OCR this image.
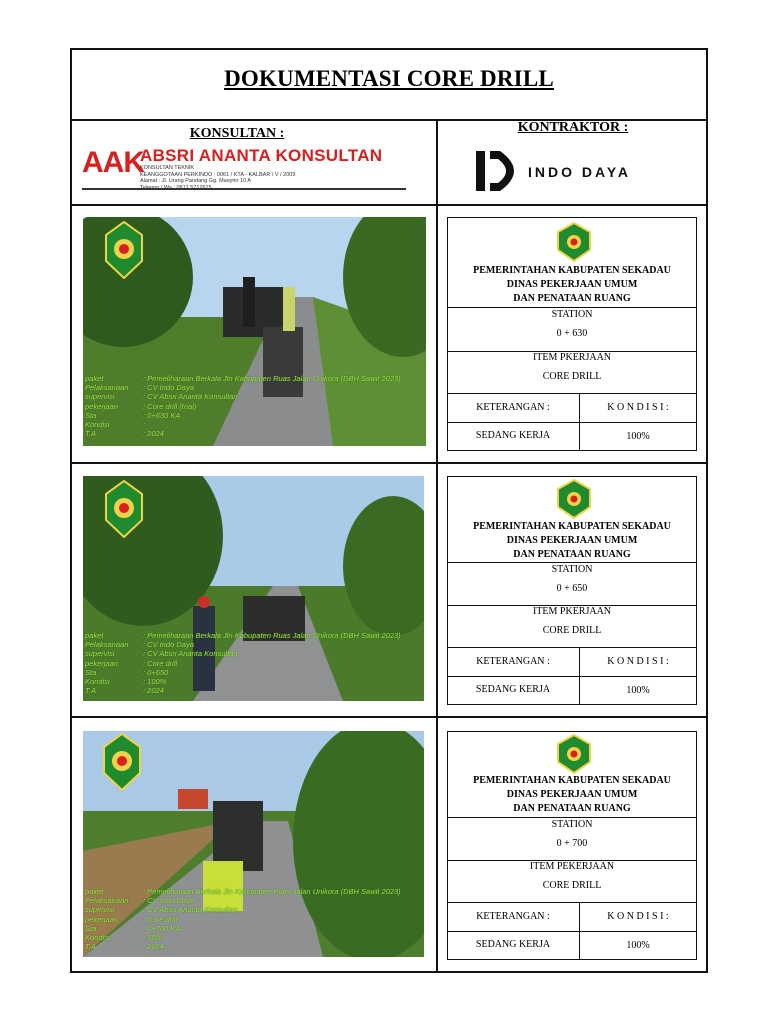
DOKUMENTASI CORE DRILL
KONSULTAN :
AAK
ABSRI ANANTA KONSULTAN
KONSULTAN TEKNIK
KEANGGOTAAN PERKINDO : 0061 / KTA - KALBAR / V / 2009
Alamat : Jl. Urang Pandang Gg. Masyrin 10 A
KONTRAKTOR :
INDO DAYA
paket	: Pemeliharaan Berkala Jln Kabupaten Ruas Jalan Unikora (DBH Sawit 2023)
Pelaksanaan : CV Indo Daya
supervisi	: CV Absri Ananta Konsultan
pekerjaan	: Core drill (trial)
Sta	: 0+630 KA
Kondisi	:
T.A	: 2024
PEMERINTAHAN KABUPATEN SEKADAU
DINAS PEKERJAAN UMUM
DAN PENATAAN RUANG
STATION
0 + 630
ITEM PKERJAAN
CORE DRILL
KETERANGAN :	K O N D I S I :
SEDANG KERJA	100%
paket	: Pemeliharaan Berkala Jln Kabupaten Ruas Jalan Unikora (DBH Sawit 2023)
Pelaksanaan : CV Indo Daya
supervisi	: CV Absri Ananta Konsultan
pekerjaan	: Core drill
Sta	: 0+650
Kondisi	: 100%
T.A	: 2024
PEMERINTAHAN KABUPATEN SEKADAU
DINAS PEKERJAAN UMUM
DAN PENATAAN RUANG
STATION
0 + 650
ITEM PKERJAAN
CORE DRILL
KETERANGAN :	K O N D I S I :
SEDANG KERJA	100%
paket	: Pemeliharaan Berkala Jln Kabupaten Ruas Jalan Unikora (DBH Sawit 2023)
Pelaksanaan : CV Indo Daya
supervisi	: CV Absri Ananta Konsultan
pekerjaan	: Core drill
Sta	: 0+700 KA
Kondisi	: 50%
T.A	: 2024
PEMERINTAHAN KABUPATEN SEKADAU
DINAS PEKERJAAN UMUM
DAN PENATAAN RUANG
STATION
0 + 700
ITEM PEKERJAAN
CORE DRILL
KETERANGAN :	K O N D I S I :
SEDANG KERJA	100%
